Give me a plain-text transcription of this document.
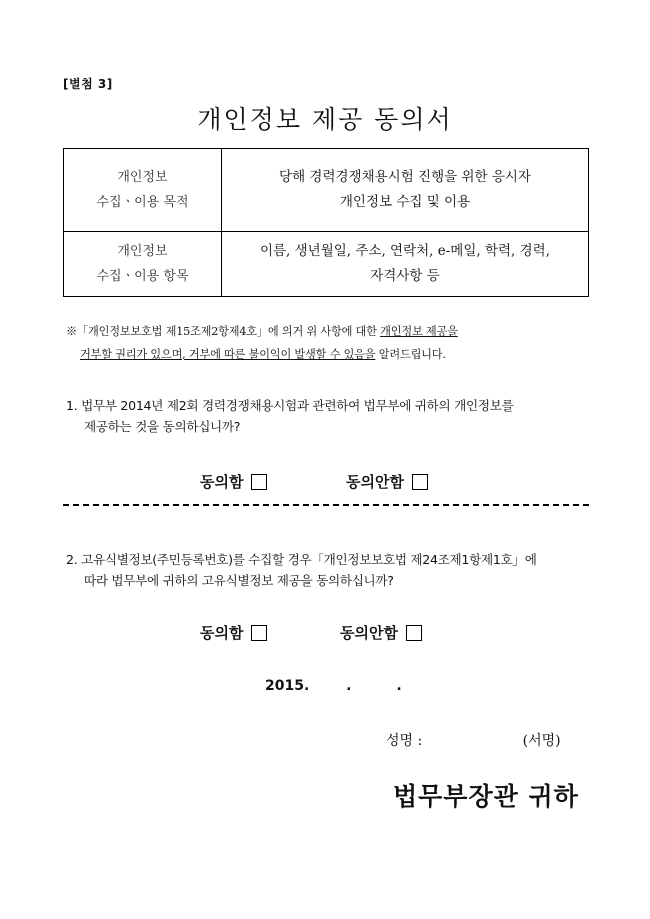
[별첨 3]
개인정보 제공 동의서
개인정보
수집ㆍ이용 목적	당해 경력경쟁채용시험 진행을 위한 응시자
개인정보 수집 및 이용

개인정보
수집ㆍ이용 항목	이름, 생년월일, 주소, 연락처, e-메일, 학력, 경력,
자격사항 등
※「개인정보보호법 제15조제2항제4호」에 의거 위 사항에 대한 개인정보 제공을
거부할 권리가 있으며, 거부에 따른 불이익이 발생할 수 있음을 알려드립니다.
1. 법무부 2014년 제2회 경력경쟁채용시험과 관련하여 법무부에 귀하의 개인정보를
제공하는 것을 동의하십니까?
동의함	동의안함
2. 고유식별정보(주민등록번호)를 수집할 경우「개인정보보호법 제24조제1항제1호」에
따라 법무부에 귀하의 고유식별정보 제공을 동의하십니까?
동의함	동의안함
2015.	.	.
성명 :	(서명)
법무부장관 귀하
